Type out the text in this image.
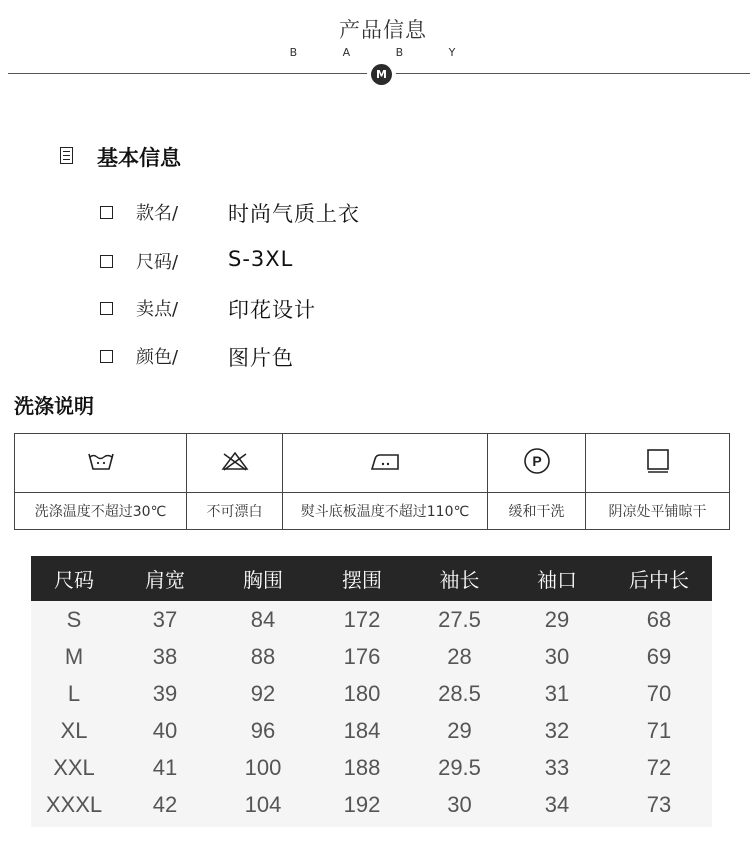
产品信息
B A B Y
M
基本信息
款名/ 时尚气质上衣
尺码/ S-3XL
卖点/ 印花设计
颜色/ 图片色
洗涤说明

P

洗涤温度不超过30℃	不可漂白	熨斗底板温度不超过110℃	缓和干洗	阴凉处平铺晾干
尺码	肩宽	胸围	摆围	袖长	袖口	后中长
S	37	84	172	27.5	29	68
M	38	88	176	28	30	69
L	39	92	180	28.5	31	70
XL	40	96	184	29	32	71
XXL	41	100	188	29.5	33	72
XXXL	42	104	192	30	34	73
